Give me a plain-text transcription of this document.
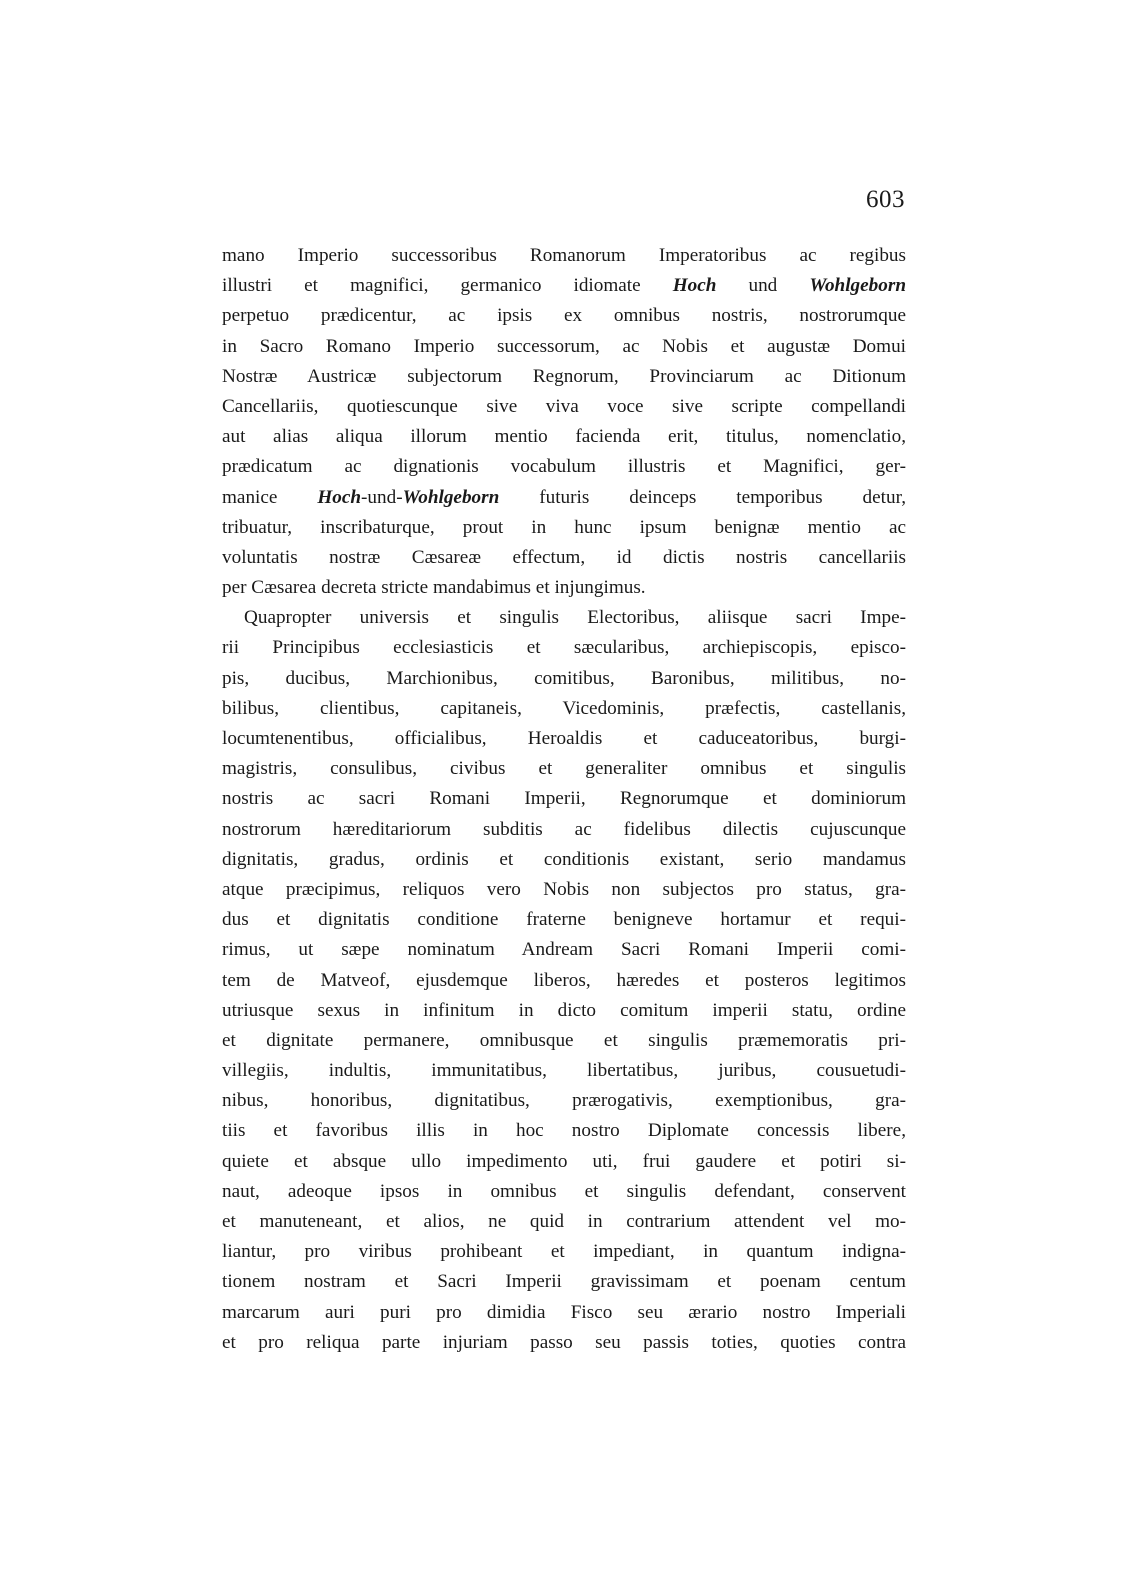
603
mano Imperio successoribus Romanorum Imperatoribus ac regibus
illustri et magnifici, germanico idiomate Hoch und Wohlgeborn
perpetuo prædicentur, ac ipsis ex omnibus nostris, nostrorumque
in Sacro Romano Imperio successorum, ac Nobis et augustæ Domui
Nostræ Austricæ subjectorum Regnorum, Provinciarum ac Ditionum
Cancellariis, quotiescunque sive viva voce sive scripte compellandi
aut alias aliqua illorum mentio facienda erit, titulus, nomenclatio,
prædicatum ac dignationis vocabulum illustris et Magnifici, ger-
manice Hoch-und-Wohlgeborn futuris deinceps temporibus detur,
tribuatur, inscribaturque, prout in hunc ipsum benignæ mentio ac
voluntatis nostræ Cæsareæ effectum, id dictis nostris cancellariis
per Cæsarea decreta stricte mandabimus et injungimus.
Quapropter universis et singulis Electoribus, aliisque sacri Impe-
rii Principibus ecclesiasticis et sæcularibus, archiepiscopis, episco-
pis, ducibus, Marchionibus, comitibus, Baronibus, militibus, no-
bilibus, clientibus, capitaneis, Vicedominis, præfectis, castellanis,
locumtenentibus, officialibus, Heroaldis et caduceatoribus, burgi-
magistris, consulibus, civibus et generaliter omnibus et singulis
nostris ac sacri Romani Imperii, Regnorumque et dominiorum
nostrorum hæreditariorum subditis ac fidelibus dilectis cujuscunque
dignitatis, gradus, ordinis et conditionis existant, serio mandamus
atque præcipimus, reliquos vero Nobis non subjectos pro status, gra-
dus et dignitatis conditione fraterne benigneve hortamur et requi-
rimus, ut sæpe nominatum Andream Sacri Romani Imperii comi-
tem de Matveof, ejusdemque liberos, hæredes et posteros legitimos
utriusque sexus in infinitum in dicto comitum imperii statu, ordine
et dignitate permanere, omnibusque et singulis præmemoratis pri-
villegiis, indultis, immunitatibus, libertatibus, juribus, cousuetudi-
nibus, honoribus, dignitatibus, prærogativis, exemptionibus, gra-
tiis et favoribus illis in hoc nostro Diplomate concessis libere,
quiete et absque ullo impedimento uti, frui gaudere et potiri si-
naut, adeoque ipsos in omnibus et singulis defendant, conservent
et manuteneant, et alios, ne quid in contrarium attendent vel mo-
liantur, pro viribus prohibeant et impediant, in quantum indigna-
tionem nostram et Sacri Imperii gravissimam et poenam centum
marcarum auri puri pro dimidia Fisco seu ærario nostro Imperiali
et pro reliqua parte injuriam passo seu passis toties, quoties contra
